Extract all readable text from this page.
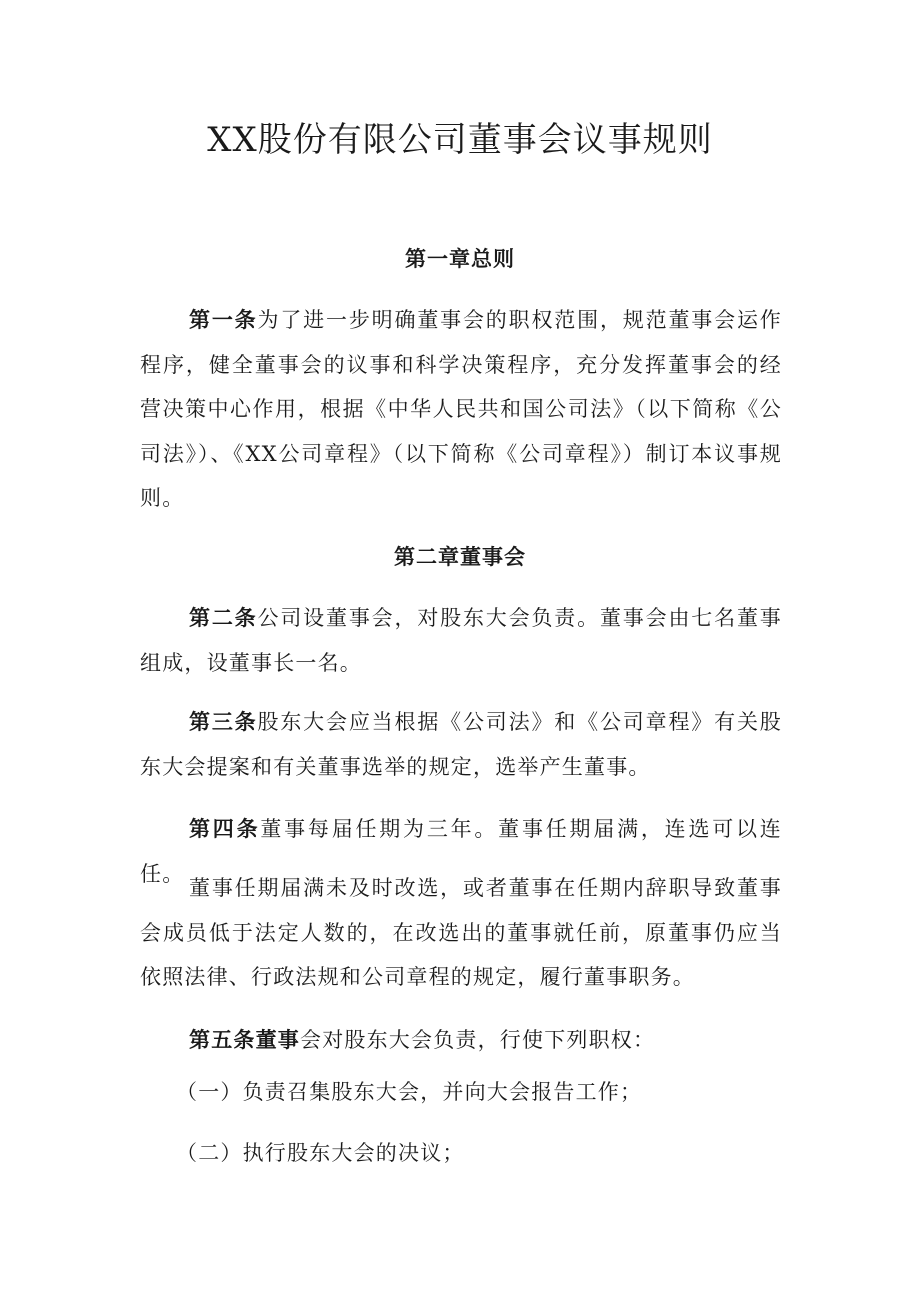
XX股份有限公司董事会议事规则
第一章总则

第一条为了进一步明确董事会的职权范围，规范董事会运作程序，健全董事会的议事和科学决策程序，充分发挥董事会的经营决策中心作用，根据《中华人民共和国公司法》（以下简称《公司法》）、《XX公司章程》（以下简称《公司章程》）制订本议事规则。

第二章董事会

第二条公司设董事会，对股东大会负责。董事会由七名董事组成，设董事长一名。

第三条股东大会应当根据《公司法》和《公司章程》有关股东大会提案和有关董事选举的规定，选举产生董事。

第四条董事每届任期为三年。董事任期届满，连选可以连任。

董事任期届满未及时改选，或者董事在任期内辞职导致董事会成员低于法定人数的，在改选出的董事就任前，原董事仍应当依照法律、行政法规和公司章程的规定，履行董事职务。

第五条董事会对股东大会负责，行使下列职权：

（一）负责召集股东大会，并向大会报告工作；

（二）执行股东大会的决议；
